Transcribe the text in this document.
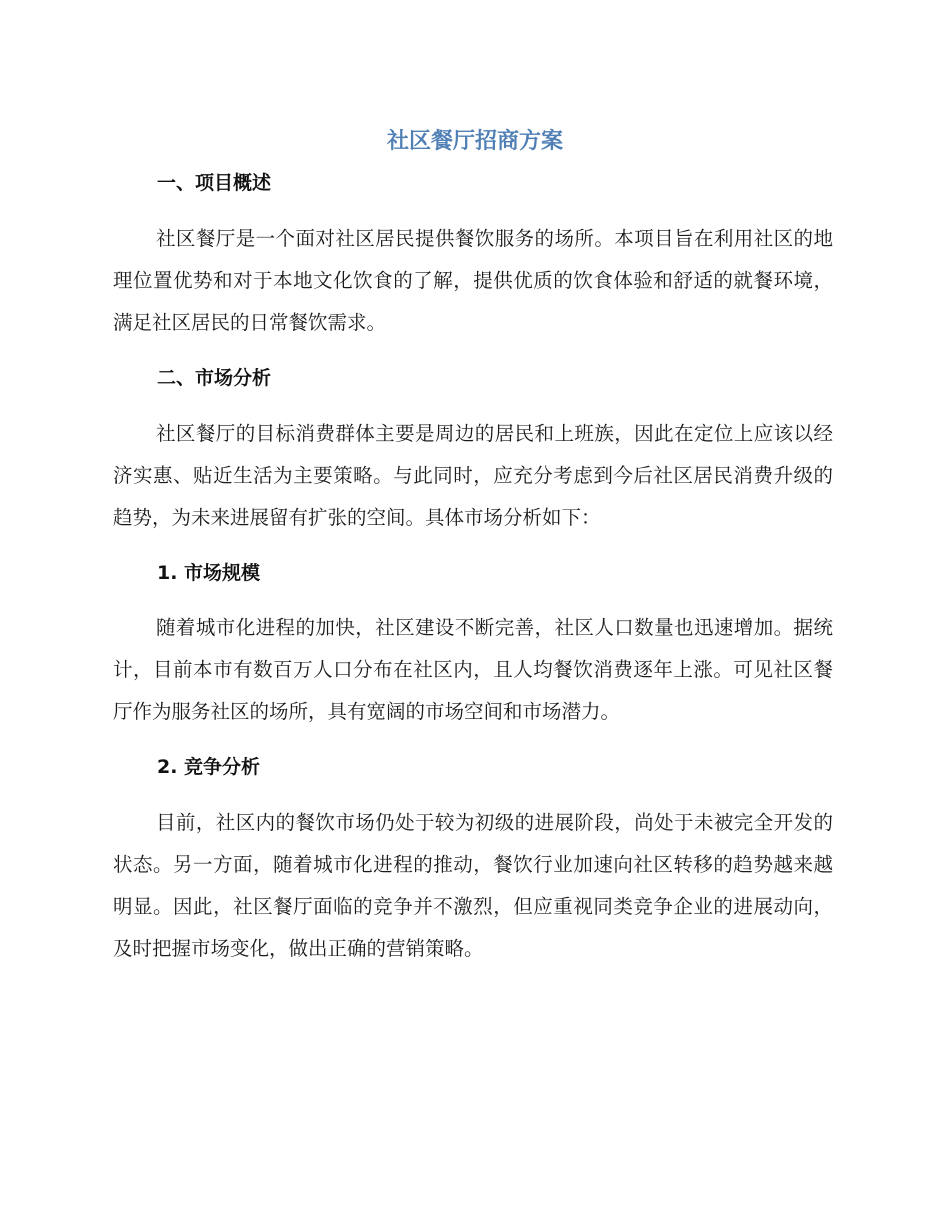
社区餐厅招商方案
一、项目概述

社区餐厅是一个面对社区居民提供餐饮服务的场所。本项目旨在利用社区的地理位置优势和对于本地文化饮食的了解，提供优质的饮食体验和舒适的就餐环境，满足社区居民的日常餐饮需求。

二、市场分析

社区餐厅的目标消费群体主要是周边的居民和上班族，因此在定位上应该以经济实惠、贴近生活为主要策略。与此同时，应充分考虑到今后社区居民消费升级的趋势，为未来进展留有扩张的空间。具体市场分析如下：

1. 市场规模

随着城市化进程的加快，社区建设不断完善，社区人口数量也迅速增加。据统计，目前本市有数百万人口分布在社区内，且人均餐饮消费逐年上涨。可见社区餐厅作为服务社区的场所，具有宽阔的市场空间和市场潜力。

2. 竞争分析

目前，社区内的餐饮市场仍处于较为初级的进展阶段，尚处于未被完全开发的状态。另一方面，随着城市化进程的推动，餐饮行业加速向社区转移的趋势越来越明显。因此，社区餐厅面临的竞争并不激烈，但应重视同类竞争企业的进展动向，及时把握市场变化，做出正确的营销策略。
